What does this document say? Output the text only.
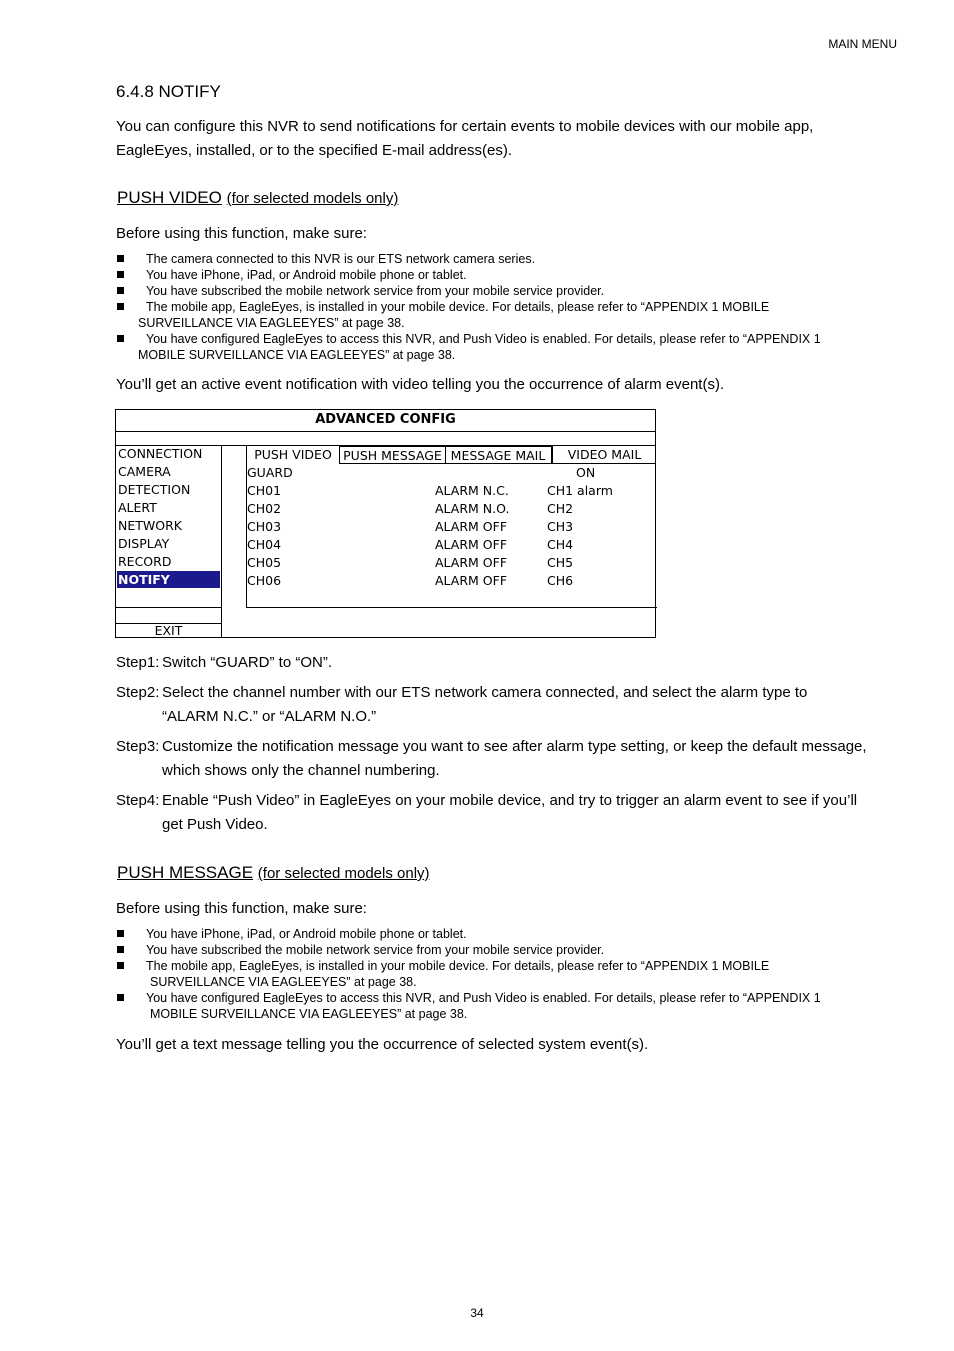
MAIN MENU
6.4.8 NOTIFY
You can configure this NVR to send notifications for certain events to mobile devices with our mobile app,
EagleEyes, installed, or to the specified E-mail address(es).
PUSH VIDEO (for selected models only)
Before using this function, make sure:
The camera connected to this NVR is our ETS network camera series.
You have iPhone, iPad, or Android mobile phone or tablet.
You have subscribed the mobile network service from your mobile service provider.
The mobile app, EagleEyes, is installed in your mobile device. For details, please refer to “APPENDIX 1 MOBILE
SURVEILLANCE VIA EAGLEEYES” at page 38.
You have configured EagleEyes to access this NVR, and Push Video is enabled. For details, please refer to “APPENDIX 1
MOBILE SURVEILLANCE VIA EAGLEEYES” at page 38.
You’ll get an active event notification with video telling you the occurrence of alarm event(s).
ADVANCED CONFIG
CONNECTION
CAMERA
DETECTION
ALERT
NETWORK
DISPLAY
RECORD
NOTIFY
PUSH VIDEO PUSH MESSAGE MESSAGE MAIL	VIDEO MAIL
GUARD	ON
CH01	ALARM N.C.	CH1 alarm
CH02	ALARM N.O.	CH2
CH03	ALARM OFF	CH3
CH04	ALARM OFF	CH4
CH05	ALARM OFF	CH5
CH06	ALARM OFF	CH6
EXIT
Step1: Switch “GUARD” to “ON”.
Step2: Select the channel number with our ETS network camera connected, and select the alarm type to
“ALARM N.C.” or “ALARM N.O.”
Step3: Customize the notification message you want to see after alarm type setting, or keep the default message,
which shows only the channel numbering.
Step4: Enable “Push Video” in EagleEyes on your mobile device, and try to trigger an alarm event to see if you’ll
get Push Video.
PUSH MESSAGE (for selected models only)
Before using this function, make sure:
You have iPhone, iPad, or Android mobile phone or tablet.
You have subscribed the mobile network service from your mobile service provider.
The mobile app, EagleEyes, is installed in your mobile device. For details, please refer to “APPENDIX 1 MOBILE
SURVEILLANCE VIA EAGLEEYES” at page 38.
You have configured EagleEyes to access this NVR, and Push Video is enabled. For details, please refer to “APPENDIX 1
MOBILE SURVEILLANCE VIA EAGLEEYES” at page 38.
You’ll get a text message telling you the occurrence of selected system event(s).
34
